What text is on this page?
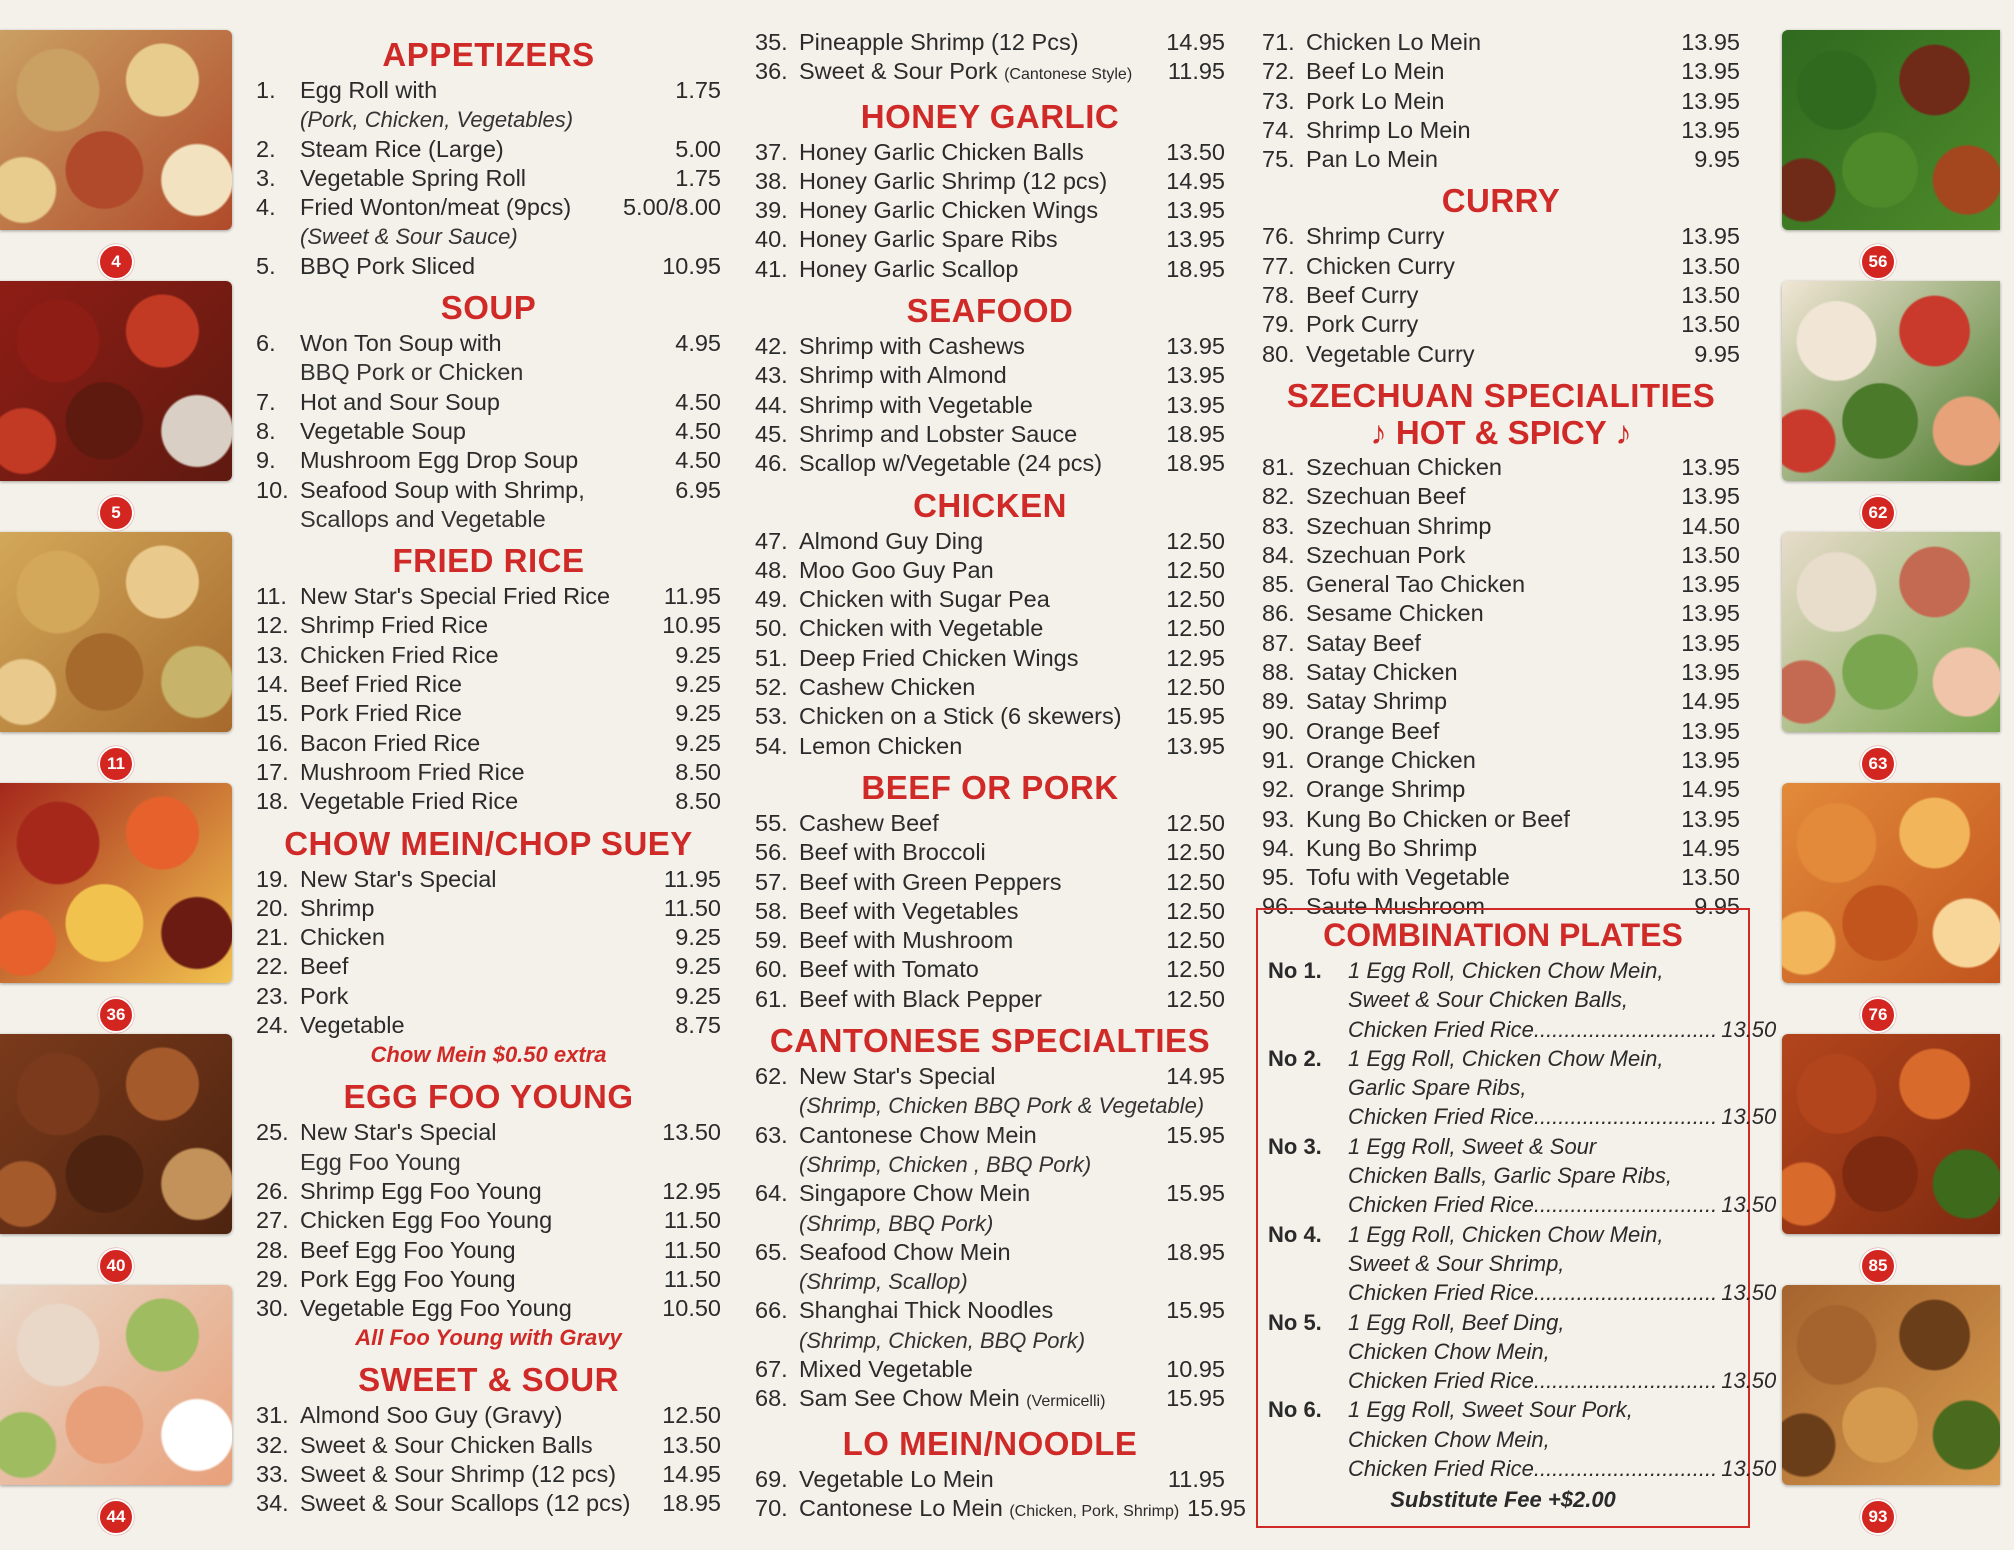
4
5
11
36
40
44
56
62
63
76
85
93
APPETIZERS
1.	Egg Roll with	1.75
(Pork, Chicken, Vegetables)
2.	Steam Rice (Large)	5.00
3.	Vegetable Spring Roll	1.75
4.	Fried Wonton/meat (9pcs)	5.00/8.00
(Sweet & Sour Sauce)
5.	BBQ Pork Sliced	10.95
SOUP
6.	Won Ton Soup with	4.95
BBQ Pork or Chicken
7.	Hot and Sour Soup	4.50
8.	Vegetable Soup	4.50
9.	Mushroom Egg Drop Soup	4.50
10. Seafood Soup with Shrimp,	6.95
Scallops and Vegetable
FRIED RICE
11. New Star's Special Fried Rice	11.95
12. Shrimp Fried Rice	10.95
13. Chicken Fried Rice	9.25
14. Beef Fried Rice	9.25
15. Pork Fried Rice	9.25
16. Bacon Fried Rice	9.25
17. Mushroom Fried Rice	8.50
18. Vegetable Fried Rice	8.50
CHOW MEIN/CHOP SUEY
19. New Star's Special	11.95
20. Shrimp	11.50
21. Chicken	9.25
22. Beef	9.25
23. Pork	9.25
24. Vegetable	8.75
Chow Mein $0.50 extra
EGG FOO YOUNG
25. New Star's Special	13.50
Egg Foo Young
26. Shrimp Egg Foo Young	12.95
27. Chicken Egg Foo Young	11.50
28. Beef Egg Foo Young	11.50
29. Pork Egg Foo Young	11.50
30. Vegetable Egg Foo Young	10.50
All Foo Young with Gravy
SWEET & SOUR
31. Almond Soo Guy (Gravy)	12.50
32. Sweet & Sour Chicken Balls	13.50
33. Sweet & Sour Shrimp (12 pcs)	14.95
34. Sweet & Sour Scallops (12 pcs)	18.95
35. Pineapple Shrimp (12 Pcs)	14.95
36. Sweet & Sour Pork (Cantonese Style)	11.95
HONEY GARLIC
37. Honey Garlic Chicken Balls	13.50
38. Honey Garlic Shrimp (12 pcs)	14.95
39. Honey Garlic Chicken Wings	13.95
40. Honey Garlic Spare Ribs	13.95
41. Honey Garlic Scallop	18.95
SEAFOOD
42. Shrimp with Cashews	13.95
43. Shrimp with Almond	13.95
44. Shrimp with Vegetable	13.95
45. Shrimp and Lobster Sauce	18.95
46. Scallop w/Vegetable (24 pcs)	18.95
CHICKEN
47. Almond Guy Ding	12.50
48. Moo Goo Guy Pan	12.50
49. Chicken with Sugar Pea	12.50
50. Chicken with Vegetable	12.50
51. Deep Fried Chicken Wings	12.95
52. Cashew Chicken	12.50
53. Chicken on a Stick (6 skewers)	15.95
54. Lemon Chicken	13.95
BEEF OR PORK
55. Cashew Beef	12.50
56. Beef with Broccoli	12.50
57. Beef with Green Peppers	12.50
58. Beef with Vegetables	12.50
59. Beef with Mushroom	12.50
60. Beef with Tomato	12.50
61. Beef with Black Pepper	12.50
CANTONESE SPECIALTIES
62. New Star's Special	14.95
(Shrimp, Chicken BBQ Pork & Vegetable)
63. Cantonese Chow Mein	15.95
(Shrimp, Chicken , BBQ Pork)
64. Singapore Chow Mein	15.95
(Shrimp, BBQ Pork)
65. Seafood Chow Mein	18.95
(Shrimp, Scallop)
66. Shanghai Thick Noodles	15.95
(Shrimp, Chicken, BBQ Pork)
67. Mixed Vegetable	10.95
68. Sam See Chow Mein (Vermicelli)	15.95
LO MEIN/NOODLE
69. Vegetable Lo Mein	11.95
70. Cantonese Lo Mein (Chicken, Pork, Shrimp) 15.95
71. Chicken Lo Mein	13.95
72. Beef Lo Mein	13.95
73. Pork Lo Mein	13.95
74. Shrimp Lo Mein	13.95
75. Pan Lo Mein	9.95
CURRY
76. Shrimp Curry	13.95
77. Chicken Curry	13.50
78. Beef Curry	13.50
79. Pork Curry	13.50
80. Vegetable Curry	9.95
SZECHUAN SPECIALITIES
♪ HOT & SPICY ♪
81. Szechuan Chicken	13.95
82. Szechuan Beef	13.95
83. Szechuan Shrimp	14.50
84. Szechuan Pork	13.50
85. General Tao Chicken	13.95
86. Sesame Chicken	13.95
87. Satay Beef	13.95
88. Satay Chicken	13.95
89. Satay Shrimp	14.95
90. Orange Beef	13.95
91. Orange Chicken	13.95
92. Orange Shrimp	14.95
93. Kung Bo Chicken or Beef	13.95
94. Kung Bo Shrimp	14.95
95. Tofu with Vegetable	13.50
96. Saute Mushroom	9.95
COMBINATION PLATES
No 1.	1 Egg Roll, Chicken Chow Mein,
Sweet & Sour Chicken Balls,
Chicken Fried Rice.............................. 13.50
No 2.	1 Egg Roll, Chicken Chow Mein,
Garlic Spare Ribs,
Chicken Fried Rice.............................. 13.50
No 3.	1 Egg Roll, Sweet & Sour
Chicken Balls, Garlic Spare Ribs,
Chicken Fried Rice.............................. 13.50
No 4.	1 Egg Roll, Chicken Chow Mein,
Sweet & Sour Shrimp,
Chicken Fried Rice.............................. 13.50
No 5.	1 Egg Roll, Beef Ding,
Chicken Chow Mein,
Chicken Fried Rice.............................. 13.50
No 6.	1 Egg Roll, Sweet Sour Pork,
Chicken Chow Mein,
Chicken Fried Rice.............................. 13.50
Substitute Fee +$2.00
